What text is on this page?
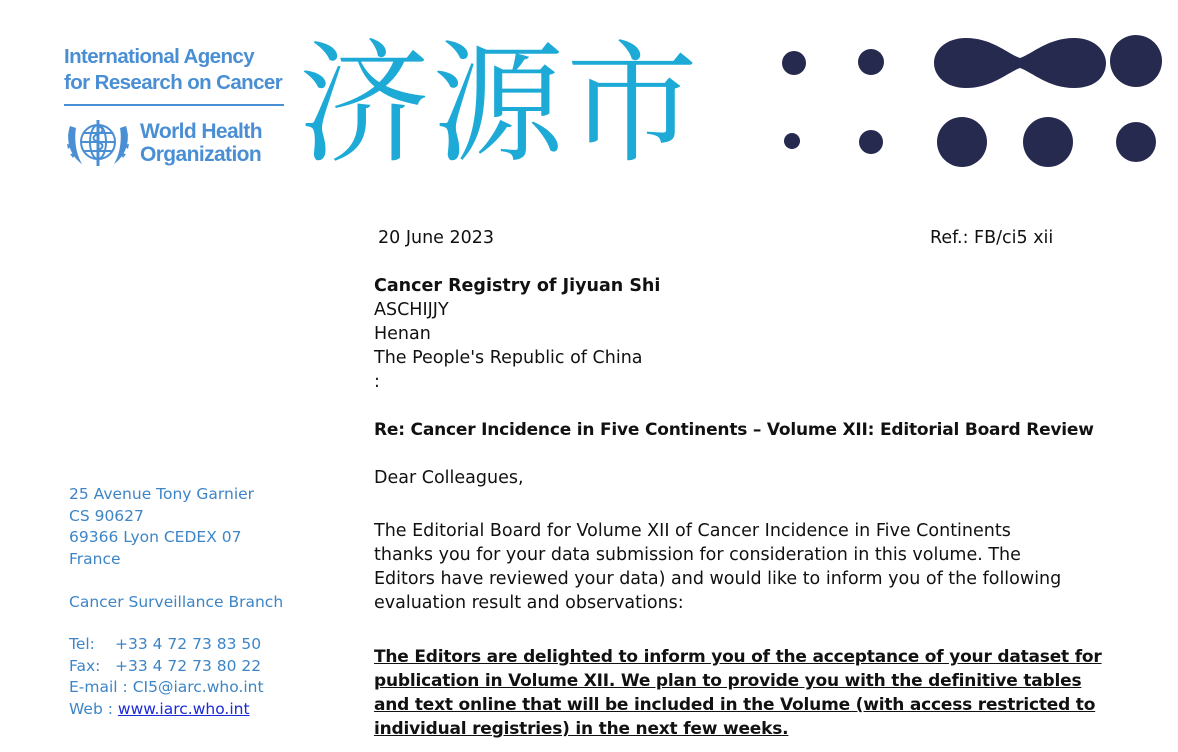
International Agency
for Research on Cancer
World Health
Organization 济源市
25 Avenue Tony Garnier
CS 90627
69366 Lyon CEDEX 07
France
Cancer Surveillance Branch
Tel: +33 4 72 73 83 50
Fax: +33 4 72 73 80 22
E-mail : CI5@iarc.who.int
Web : www.iarc.who.int
20 June 2023	Ref.: FB/ci5 xii
Cancer Registry of Jiyuan Shi
ASCHIJJY
Henan
The People's Republic of China
:
Re: Cancer Incidence in Five Continents – Volume XII: Editorial Board Review
Dear Colleagues,
The Editorial Board for Volume XII of Cancer Incidence in Five Continents
thanks you for your data submission for consideration in this volume. The
Editors have reviewed your data) and would like to inform you of the following
evaluation result and observations:
The Editors are delighted to inform you of the acceptance of your dataset for
publication in Volume XII. We plan to provide you with the definitive tables
and text online that will be included in the Volume (with access restricted to
individual registries) in the next few weeks.
